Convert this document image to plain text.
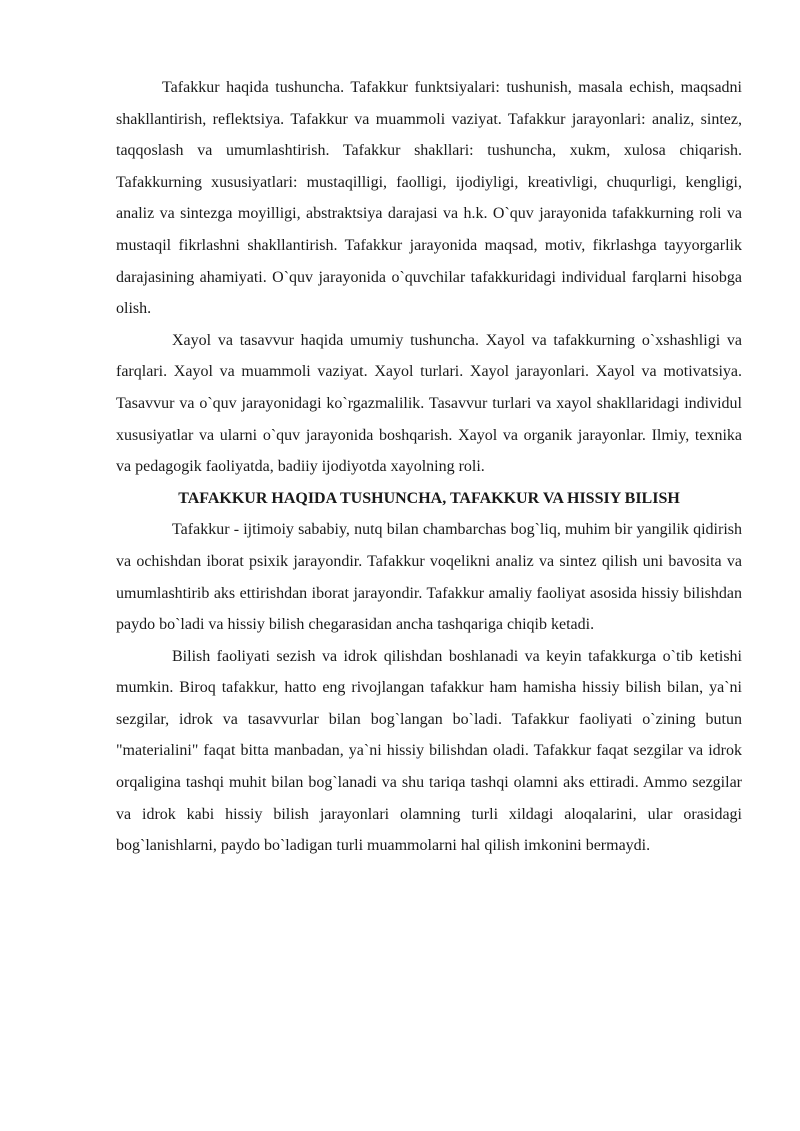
Tafakkur haqida tushuncha. Tafakkur funktsiyalari: tushunish, masala echish, maqsadni shakllantirish, reflektsiya. Tafakkur va muammoli vaziyat. Tafakkur jarayonlari: analiz, sintez, taqqoslash va umumlashtirish. Tafakkur shakllari: tushuncha, xukm, xulosa chiqarish. Tafakkurning xususiyatlari: mustaqilligi, faolligi, ijodiyligi, kreativligi, chuqurligi, kengligi, analiz va sintezga moyilligi, abstraktsiya darajasi va h.k. O`quv jarayonida tafakkurning roli va mustaqil fikrlashni shakllantirish. Tafakkur jarayonida maqsad, motiv, fikrlashga tayyorgarlik darajasining ahamiyati. O`quv jarayonida o`quvchilar tafakkuridagi individual farqlarni hisobga olish.

Xayol va tasavvur haqida umumiy tushuncha. Xayol va tafakkurning o`xshashligi va farqlari. Xayol va muammoli vaziyat. Xayol turlari. Xayol jarayonlari. Xayol va motivatsiya. Tasavvur va o`quv jarayonidagi ko`rgazmalilik. Tasavvur turlari va xayol shakllaridagi individul xususiyatlar va ularni o`quv jarayonida boshqarish. Xayol va organik jarayonlar. Ilmiy, texnika va pedagogik faoliyatda, badiiy ijodiyotda xayolning roli.

TAFAKKUR HAQIDA TUSHUNCHA, TAFAKKUR VA HISSIY BILISH

Tafakkur - ijtimoiy sababiy, nutq bilan chambarchas bog`liq, muhim bir yangilik qidirish va ochishdan iborat psixik jarayondir. Tafakkur voqelikni analiz va sintez qilish uni bavosita va umumlashtirib aks ettirishdan iborat jarayondir. Tafakkur amaliy faoliyat asosida hissiy bilishdan paydo bo`ladi va hissiy bilish chegarasidan ancha tashqariga chiqib ketadi.

Bilish faoliyati sezish va idrok qilishdan boshlanadi va keyin tafakkurga o`tib ketishi mumkin. Biroq tafakkur, hatto eng rivojlangan tafakkur ham hamisha hissiy bilish bilan, ya`ni sezgilar, idrok va tasavvurlar bilan bog`langan bo`ladi. Tafakkur faoliyati o`zining butun "materialini" faqat bitta manbadan, ya`ni hissiy bilishdan oladi. Tafakkur faqat sezgilar va idrok orqaligina tashqi muhit bilan bog`lanadi va shu tariqa tashqi olamni aks ettiradi. Ammo sezgilar va idrok kabi hissiy bilish jarayonlari olamning turli xildagi aloqalarini, ular orasidagi bog`lanishlarni, paydo bo`ladigan turli muammolarni hal qilish imkonini bermaydi.
